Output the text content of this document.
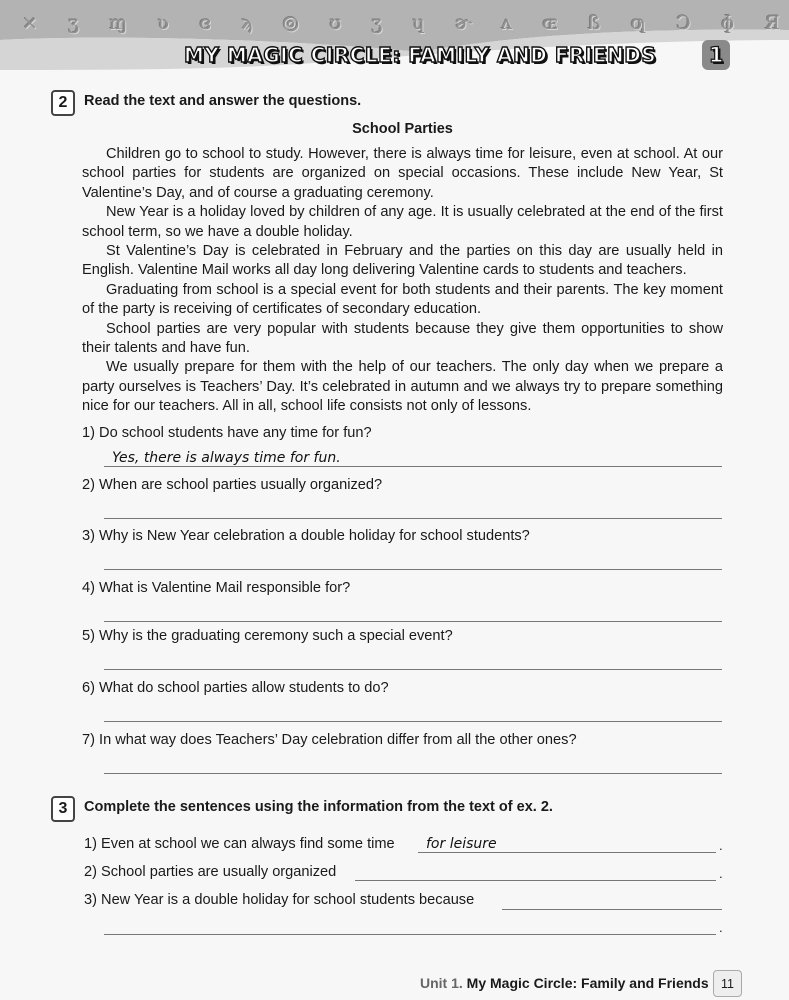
× ʒ ɱ ʋ ɞ ϡ ◎ ʊ ʒ ɥ ɚ ʌ ɶ ß ƣ Ɔ ɸ Я
MY MAGIC CIRCLE: FAMILY AND FRIENDS	1
2	Read the text and answer the questions.
School Parties

Children go to school to study. However, there is always time for leisure, even at school. At our school parties for students are organized on special occasions. These include New Year, St Valentine’s Day, and of course a graduating ceremony.

New Year is a holiday loved by children of any age. It is usually celebrated at the end of the first school term, so we have a double holiday.

St Valentine’s Day is celebrated in February and the parties on this day are usually held in English. Valentine Mail works all day long delivering Valentine cards to students and teachers.

Graduating from school is a special event for both students and their parents. The key moment of the party is receiving of certificates of secondary education.

School parties are very popular with students because they give them opportunities to show their talents and have fun.

We usually prepare for them with the help of our teachers. The only day when we prepare a party ourselves is Teachers’ Day. It’s celebrated in autumn and we always try to prepare something nice for our teachers. All in all, school life consists not only of lessons.

1) Do school students have any time for fun?
Yes, there is always time for fun.
2) When are school parties usually organized?
3) Why is New Year celebration a double holiday for school students?
4) What is Valentine Mail responsible for?
5) Why is the graduating ceremony such a special event?
6) What do school parties allow students to do?
7) In what way does Teachers’ Day celebration differ from all the other ones?
3	Complete the sentences using the information from the text of ex. 2.
1) Even at school we can always find some time for leisure	.
2) School parties are usually organized	.
3) New Year is a double holiday for school students because
.
Unit 1. My Magic Circle: Family and Friends 11
